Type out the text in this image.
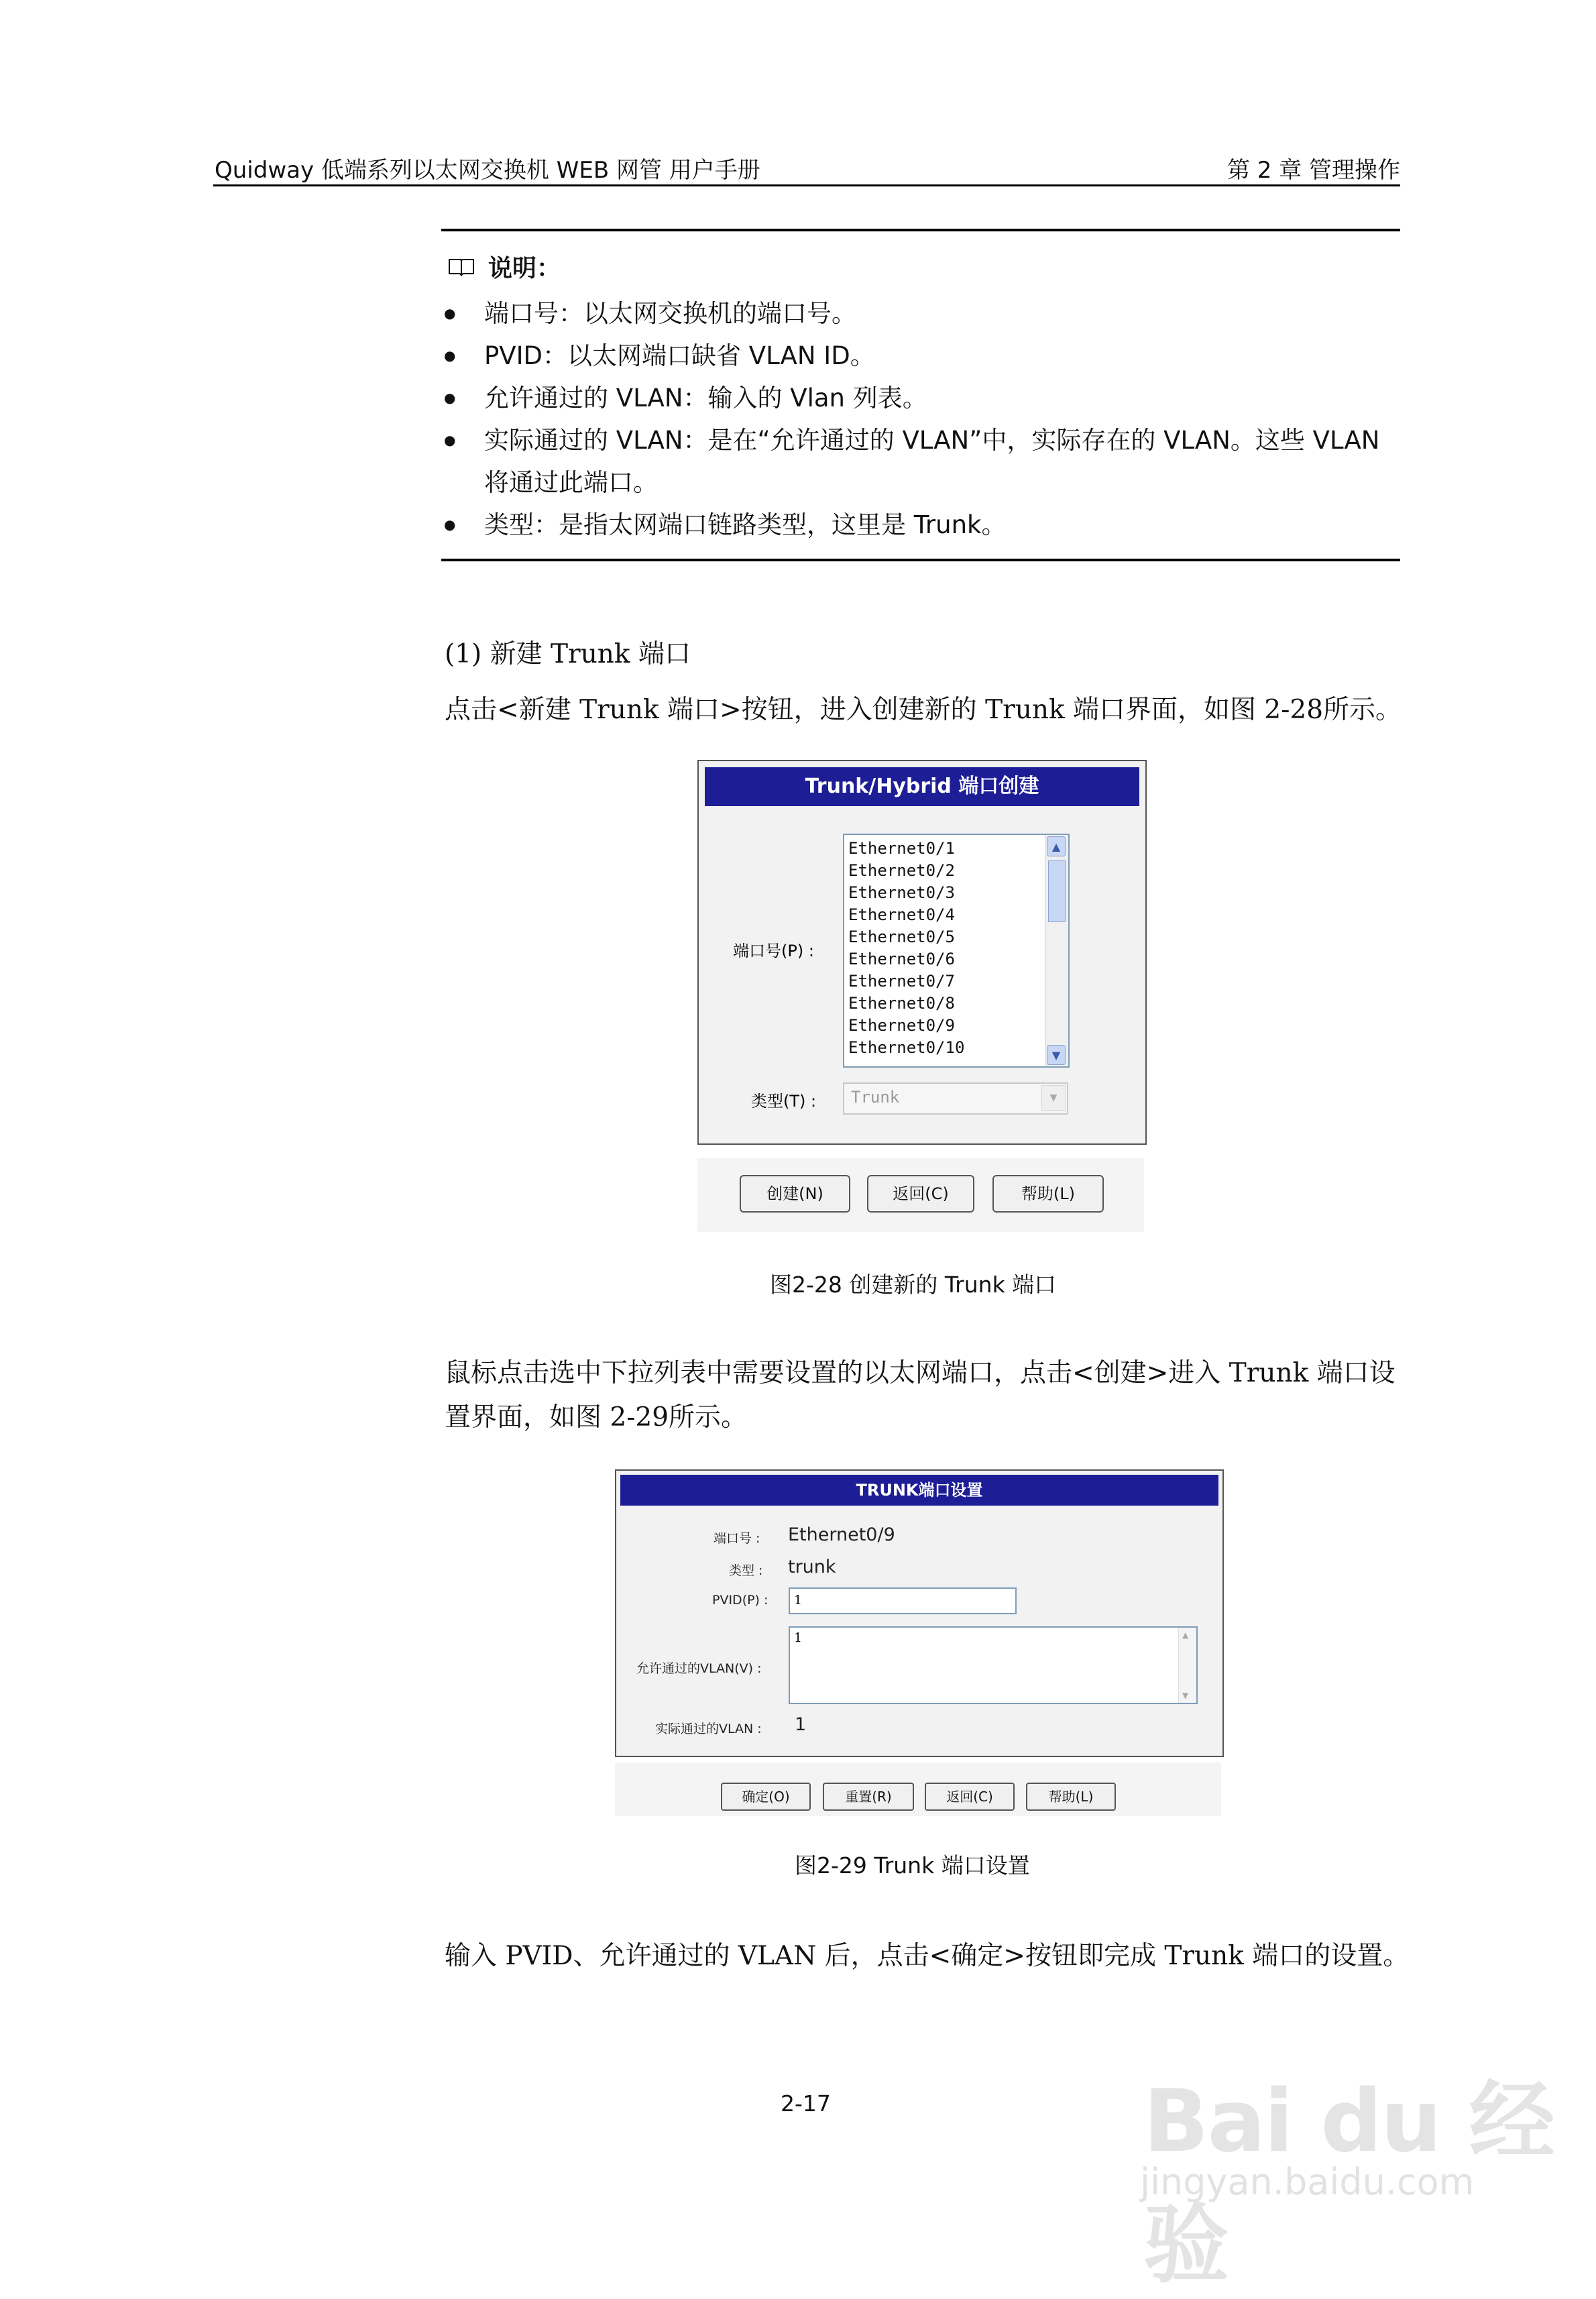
Quidway 低端系列以太网交换机 WEB 网管 用户手册	第 2 章 管理操作
说明：
● 端口号：以太网交换机的端口号。
● PVID：以太网端口缺省 VLAN ID。
● 允许通过的 VLAN：输入的 Vlan 列表。
● 实际通过的 VLAN：是在“允许通过的 VLAN”中，实际存在的 VLAN。这些 VLAN 将通过此端口。
● 类型：是指太网端口链路类型，这里是 Trunk。
(1) 新建 Trunk 端口
点击<新建 Trunk 端口>按钮，进入创建新的 Trunk 端口界面，如图 2-28所示。
Trunk/Hybrid 端口创建
端口号(P) :
Ethernet0/1
Ethernet0/2
Ethernet0/3
Ethernet0/4
Ethernet0/5
Ethernet0/6
Ethernet0/7
Ethernet0/8
Ethernet0/9
Ethernet0/10
▲
▼
类型(T) : Trunk	▼
创建(N)	返回(C)	帮助(L)
图2-28 创建新的 Trunk 端口
鼠标点击选中下拉列表中需要设置的以太网端口，点击<创建>进入 Trunk 端口设置界面，如图 2-29所示。
TRUNK端口设置
端口号 : Ethernet0/9
类型 : trunk
PVID(P) : 1
允许通过的VLAN(V) :
1	▲
▼
实际通过的VLAN : 1
确定(O)	重置(R)	返回(C)	帮助(L)
图2-29 Trunk 端口设置
输入 PVID、允许通过的 VLAN 后，点击<确定>按钮即完成 Trunk 端口的设置。
2-17	Bai du 经验
jingyan.baidu.com
